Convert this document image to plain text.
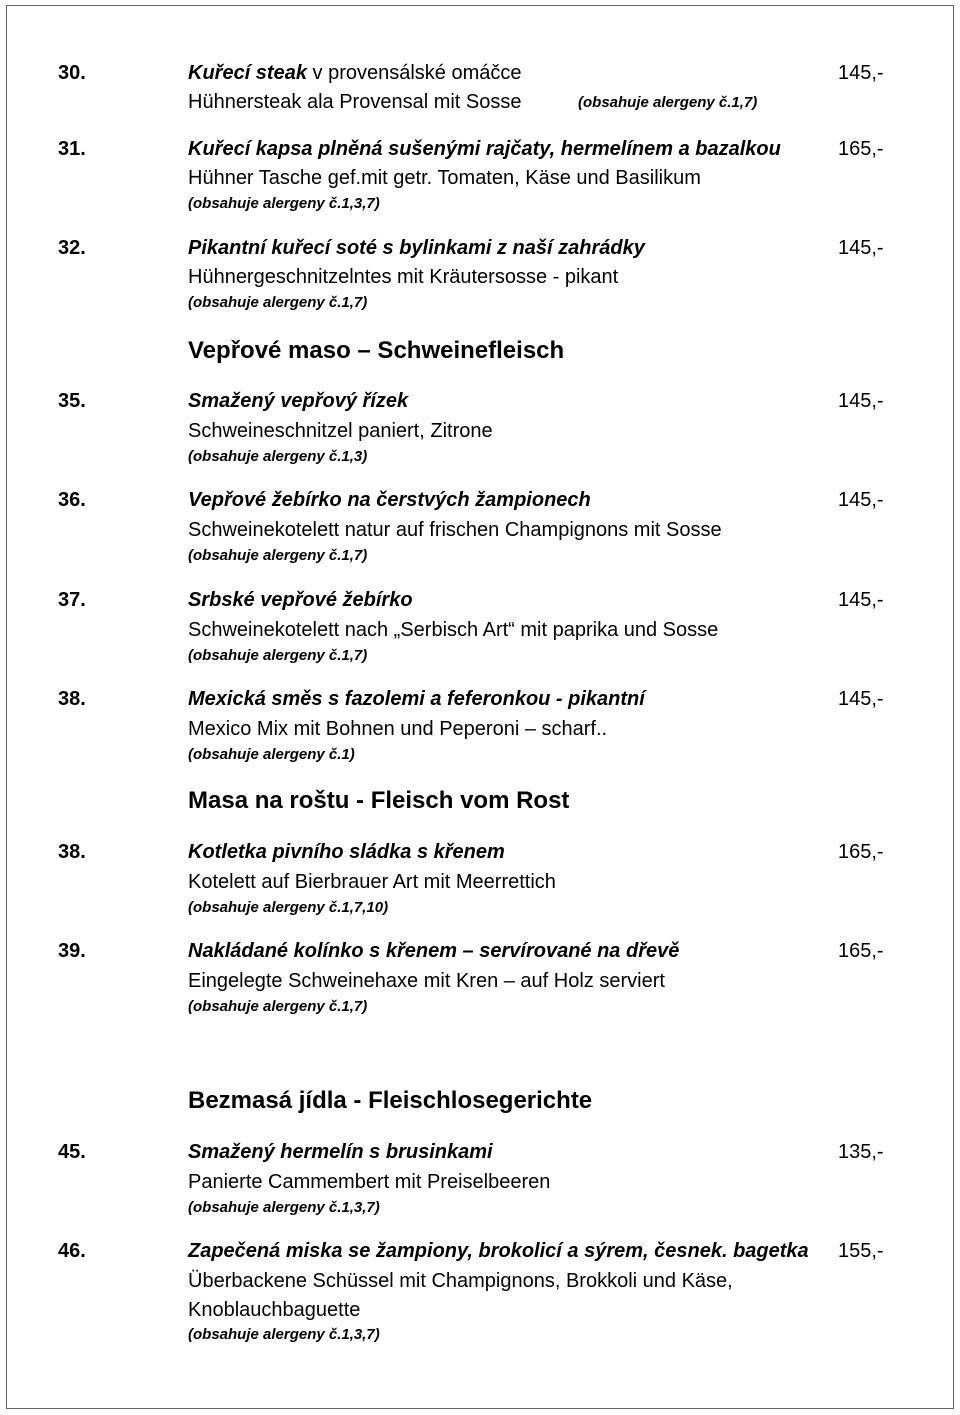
30.	Kuřecí steak v provensálské omáčce	145,-
Hühnersteak ala Provensal mit Sosse	(obsahuje alergeny č.1,7)
31.	Kuřecí kapsa plněná sušenými rajčaty, hermelínem a bazalkou	165,-
Hühner Tasche gef.mit getr. Tomaten, Käse und Basilikum
(obsahuje alergeny č.1,3,7)
32.	Pikantní kuřecí soté s bylinkami z naší zahrádky	145,-
Hühnergeschnitzelntes mit Kräutersosse - pikant
(obsahuje alergeny č.1,7)
Vepřové maso – Schweinefleisch
35.	Smažený vepřový řízek	145,-
Schweineschnitzel paniert, Zitrone
(obsahuje alergeny č.1,3)
36.	Vepřové žebírko na čerstvých žampionech	145,-
Schweinekotelett natur auf frischen Champignons mit Sosse
(obsahuje alergeny č.1,7)
37.	Srbské vepřové žebírko	145,-
Schweinekotelett nach „Serbisch Art“ mit paprika und Sosse
(obsahuje alergeny č.1,7)
38.	Mexická směs s fazolemi a feferonkou - pikantní	145,-
Mexico Mix mit Bohnen und Peperoni – scharf..
(obsahuje alergeny č.1)
Masa na roštu - Fleisch vom Rost
38.	Kotletka pivního sládka s křenem	165,-
Kotelett auf Bierbrauer Art mit Meerrettich
(obsahuje alergeny č.1,7,10)
39.	Nakládané kolínko s křenem – servírované na dřevě	165,-
Eingelegte Schweinehaxe mit Kren – auf Holz serviert
(obsahuje alergeny č.1,7)
Bezmasá jídla - Fleischlosegerichte
45.	Smažený hermelín s brusinkami	135,-
Panierte Cammembert mit Preiselbeeren
(obsahuje alergeny č.1,3,7)
46.	Zapečená miska se žampiony, brokolicí a sýrem, česnek. bagetka 155,-
Überbackene Schüssel mit Champignons, Brokkoli und Käse,
Knoblauchbaguette
(obsahuje alergeny č.1,3,7)
